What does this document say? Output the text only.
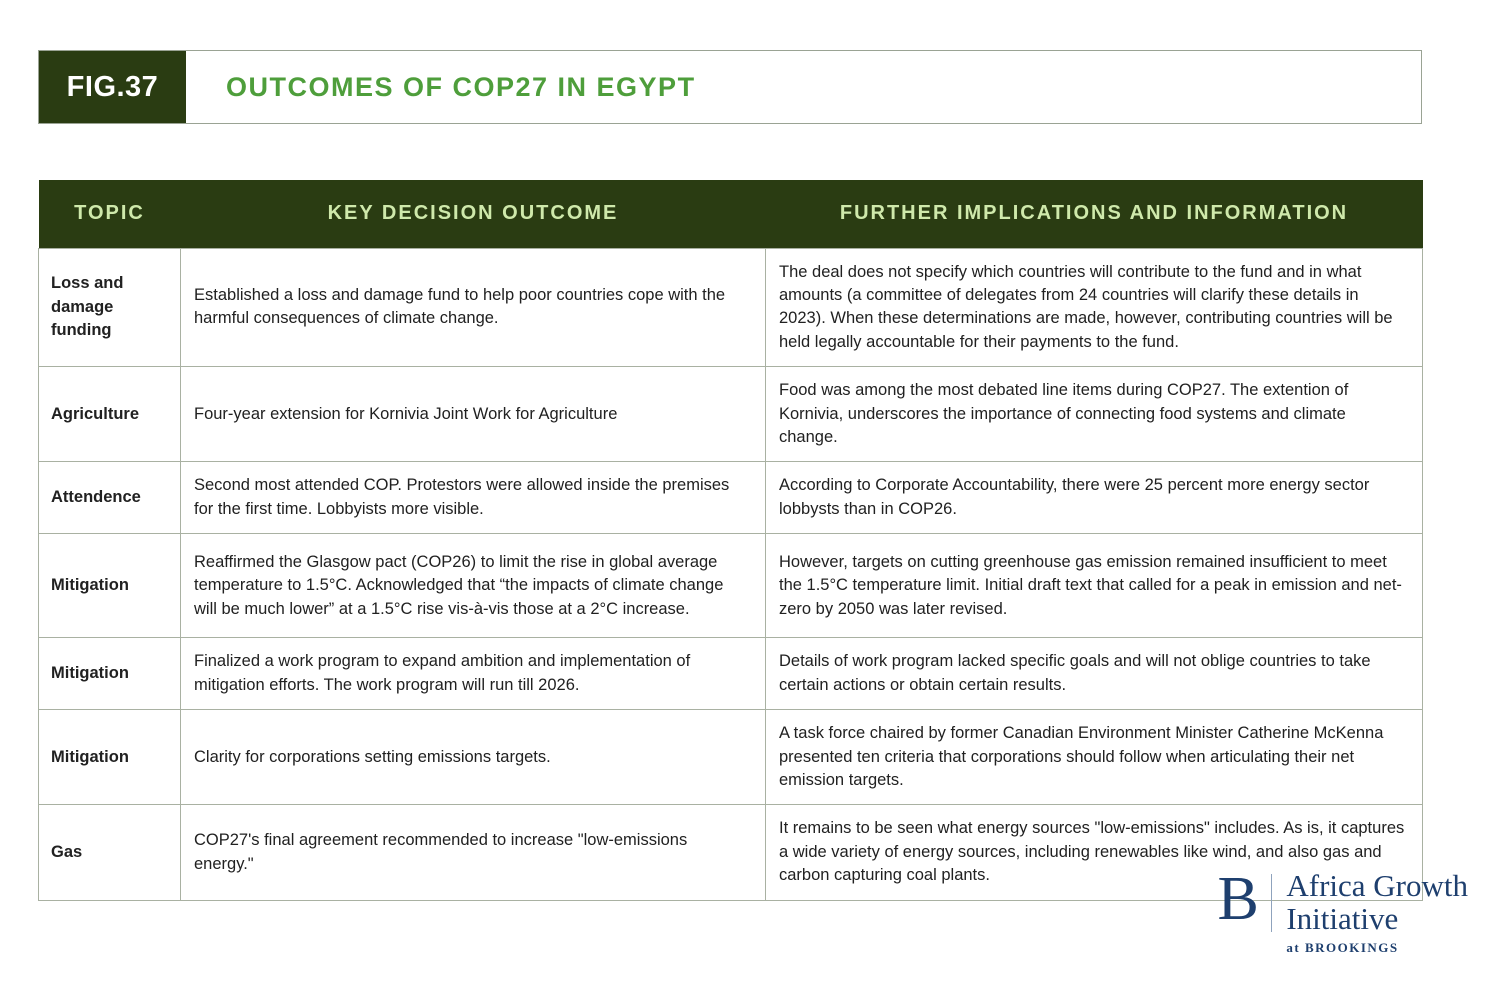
FIG.37	OUTCOMES OF COP27 IN EGYPT
TOPIC	KEY DECISION OUTCOME	FURTHER IMPLICATIONS AND INFORMATION
Loss and damage funding	Established a loss and damage fund to help poor countries cope with the harmful consequences of climate change.	The deal does not specify which countries will contribute to the fund and in what amounts (a committee of delegates from 24 countries will clarify these details in 2023). When these determinations are made, however, contributing countries will be held legally accountable for their payments to the fund.
Agriculture	Four-year extension for Kornivia Joint Work for Agriculture	Food was among the most debated line items during COP27. The extention of Kornivia, underscores the importance of connecting food systems and climate change.
Attendence	Second most attended COP. Protestors were allowed inside the premises for the first time. Lobbyists more visible.	According to Corporate Accountability, there were 25 percent more energy sector lobbysts than in COP26.
Mitigation	Reaffirmed the Glasgow pact (COP26) to limit the rise in global average temperature to 1.5°C. Acknowledged that “the impacts of climate change will be much lower” at a 1.5°C rise vis-à-vis those at a 2°C increase.	However, targets on cutting greenhouse gas emission remained insufficient to meet the 1.5°C temperature limit. Initial draft text that called for a peak in emission and net-zero by 2050 was later revised.
Mitigation	Finalized a work program to expand ambition and implementation of mitigation efforts. The work program will run till 2026.	Details of work program lacked specific goals and will not oblige countries to take certain actions or obtain certain results.
Mitigation	Clarity for corporations setting emissions targets.	A task force chaired by former Canadian Environment Minister Catherine McKenna presented ten criteria that corporations should follow when articulating their net emission targets.
Gas	COP27's final agreement recommended to increase "low-emissions energy."	It remains to be seen what energy sources "low-emissions" includes. As is, it captures a wide variety of energy sources, including renewables like wind, and also gas and carbon capturing coal plants.	B Africa Growth
Initiative
at BROOKINGS
